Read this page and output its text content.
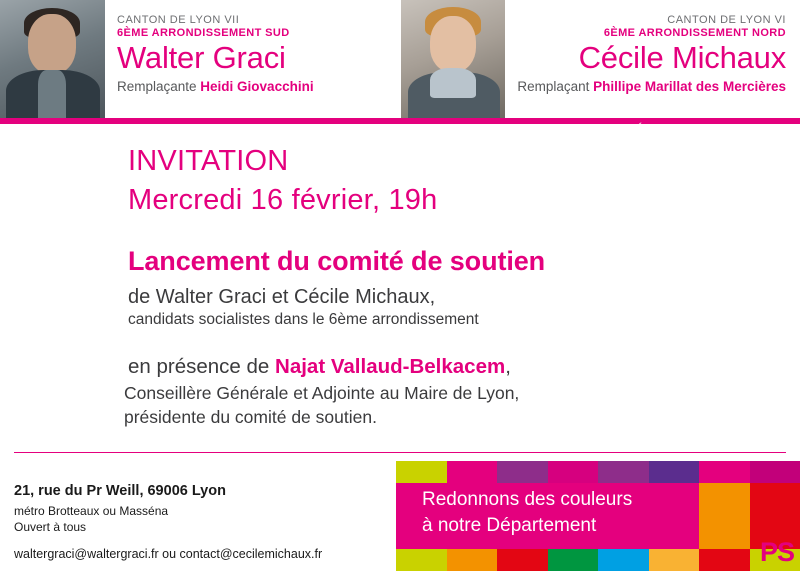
CANTON DE LYON VII
6ÈME ARRONDISSEMENT SUD
Walter Graci
Remplaçante Heidi Giovacchini
CANTON DE LYON VI
6ÈME ARRONDISSEMENT NORD
Cécile Michaux
Remplaçant Phillipe Marillat des Mercières
INVITATION
Mercredi 16 février, 19h
Lancement du comité de soutien
de Walter Graci et Cécile Michaux,
candidats socialistes dans le 6ème arrondissement
en présence de Najat Vallaud-Belkacem,
Conseillère Générale et Adjointe au Maire de Lyon,
présidente du comité de soutien.
21, rue du Pr Weill, 69006 Lyon
métro Brotteaux ou Masséna
Ouvert à tous
waltergraci@waltergraci.fr ou contact@cecilemichaux.fr
Redonnons des couleurs
à notre Département
PS
